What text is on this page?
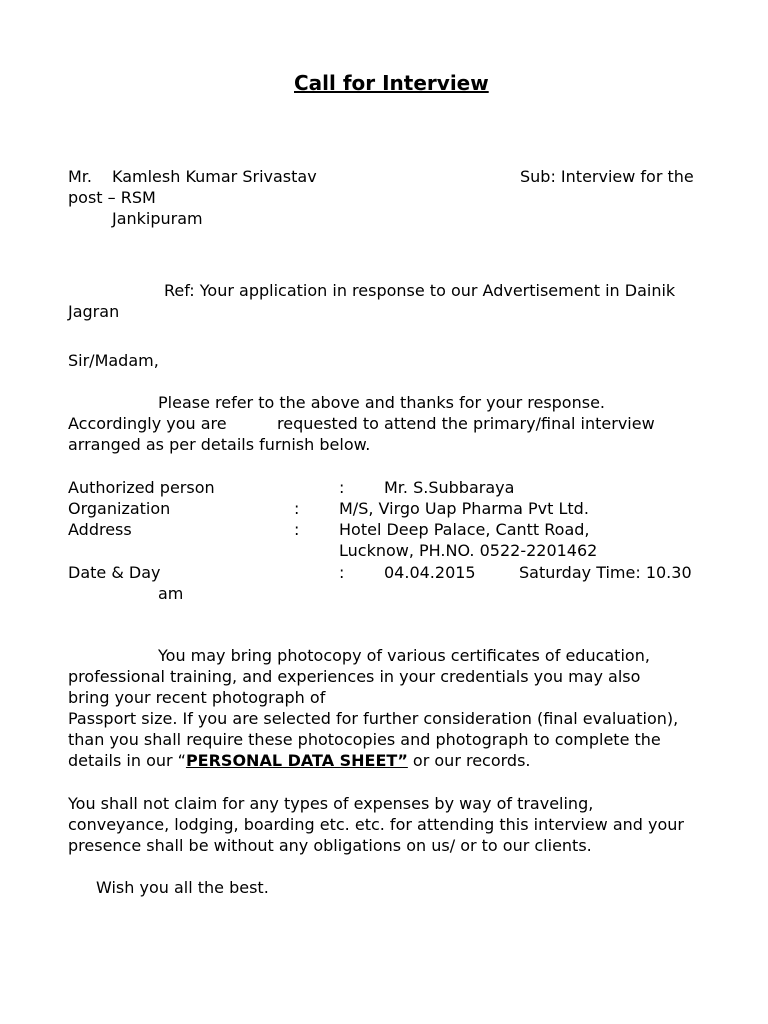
Call for Interview
Mr. Kamlesh Kumar Srivastav	Sub: Interview for the
post – RSM
Jankipuram
Ref: Your application in response to our Advertisement in Dainik
Jagran
Sir/Madam,
Please refer to the above and thanks for your response.
Accordingly you are	requested to attend the primary/final interview
arranged as per details furnish below.
Authorized person	: Mr. S.Subbaraya
Organization	: M/S, Virgo Uap Pharma Pvt Ltd.
Address	: Hotel Deep Palace, Cantt Road,
Lucknow, PH.NO. 0522-2201462
Date & Day	: 04.04.2015	Saturday Time: 10.30
am
You may bring photocopy of various certificates of education,
professional training, and experiences in your credentials you may also
bring your recent photograph of
Passport size. If you are selected for further consideration (final evaluation),
than you shall require these photocopies and photograph to complete the
details in our “PERSONAL DATA SHEET” or our records.
You shall not claim for any types of expenses by way of traveling,
conveyance, lodging, boarding etc. etc. for attending this interview and your
presence shall be without any obligations on us/ or to our clients.
Wish you all the best.
